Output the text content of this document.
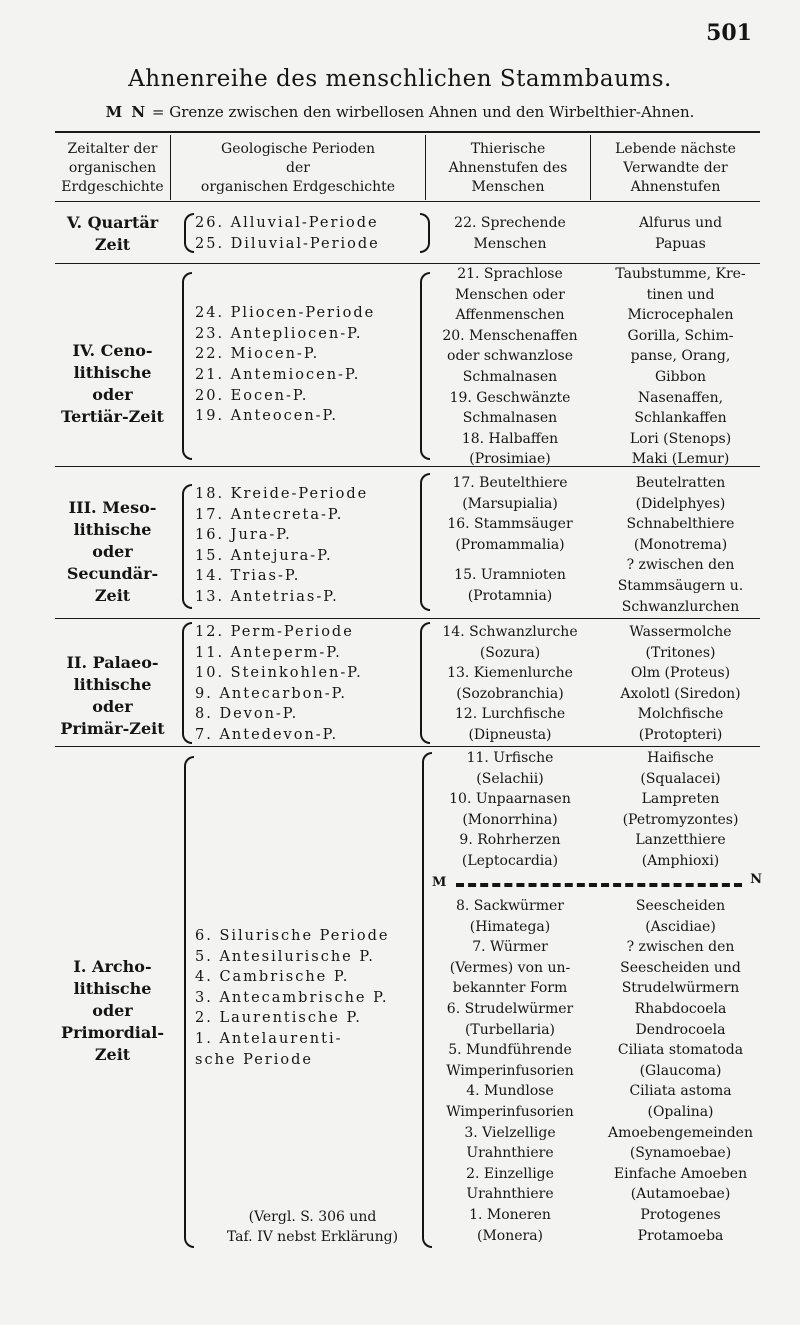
501
Ahnenreihe des menschlichen Stammbaums.
M N = Grenze zwischen den wirbellosen Ahnen und den Wirbelthier-Ahnen.
Zeitalter der
organischen
Erdgeschichte
Geologische Perioden
der
organischen Erdgeschichte
Thierische
Ahnenstufen des
Menschen
Lebende nächste
Verwandte der
Ahnenstufen
V. Quartär
Zeit
26. Alluvial-Periode
25. Diluvial-Periode
22. Sprechende
Menschen
Alfurus und
Papuas
IV. Ceno-
lithische oder
Tertiär-Zeit
24. Pliocen-Periode
23. Antepliocen-P.
22. Miocen-P.
21. Antemiocen-P.
20. Eocen-P.
19. Anteocen-P.
21. Sprachlose
Menschen oder
Affenmenschen
20. Menschenaffen
oder schwanzlose
Schmalnasen
19. Geschwänzte
Schmalnasen
18. Halbaffen
(Prosimiae)
Taubstumme, Kre-
tinen und
Microcephalen
Gorilla, Schim-
panse, Orang,
Gibbon
Nasenaffen,
Schlankaffen
Lori (Stenops)
Maki (Lemur)
III. Meso-
lithische oder
Secundär-
Zeit
18. Kreide-Periode
17. Antecreta-P.
16. Jura-P.
15. Antejura-P.
14. Trias-P.
13. Antetrias-P.
17. Beutelthiere
(Marsupialia)
16. Stammsäuger
(Promammalia)
15. Uramnioten
(Protamnia)
Beutelratten
(Didelphyes)
Schnabelthiere
(Monotrema)
? zwischen den
Stammsäugern u.
Schwanzlurchen
II. Palaeo-
lithische oder
Primär-Zeit
12. Perm-Periode
11. Anteperm-P.
10. Steinkohlen-P.
9. Antecarbon-P.
8. Devon-P.
7. Antedevon-P.
14. Schwanzlurche
(Sozura)
13. Kiemenlurche
(Sozobranchia)
12. Lurchfische
(Dipneusta)
Wassermolche
(Tritones)
Olm (Proteus)
Axolotl (Siredon)
Molchfische
(Protopteri)
I. Archo-
lithische oder
Primordial-
Zeit
6. Silurische Periode
5. Antesilurische P.
4. Cambrische P.
3. Antecambrische P.
2. Laurentische P.
1. Antelaurenti-
sche Periode
(Vergl. S. 306 und
Taf. IV nebst Erklärung)
11. Urfische
(Selachii)
10. Unpaarnasen
(Monorrhina)
9. Rohrherzen
(Leptocardia)
Haifische
(Squalacei)
Lampreten
(Petromyzontes)
Lanzetthiere
(Amphioxi)
M	N
8. Sackwürmer
(Himatega)
7. Würmer
(Vermes) von un-
bekannter Form
6. Strudelwürmer
(Turbellaria)
5. Mundführende
Wimperinfusorien
4. Mundlose
Wimperinfusorien
3. Vielzellige
Urahnthiere
2. Einzellige
Urahnthiere
1. Moneren
(Monera)
Seescheiden
(Ascidiae)
? zwischen den
Seescheiden und
Strudelwürmern
Rhabdocoela
Dendrocoela
Ciliata stomatoda
(Glaucoma)
Ciliata astoma
(Opalina)
Amoebengemeinden
(Synamoebae)
Einfache Amoeben
(Autamoebae)
Protogenes
Protamoeba
